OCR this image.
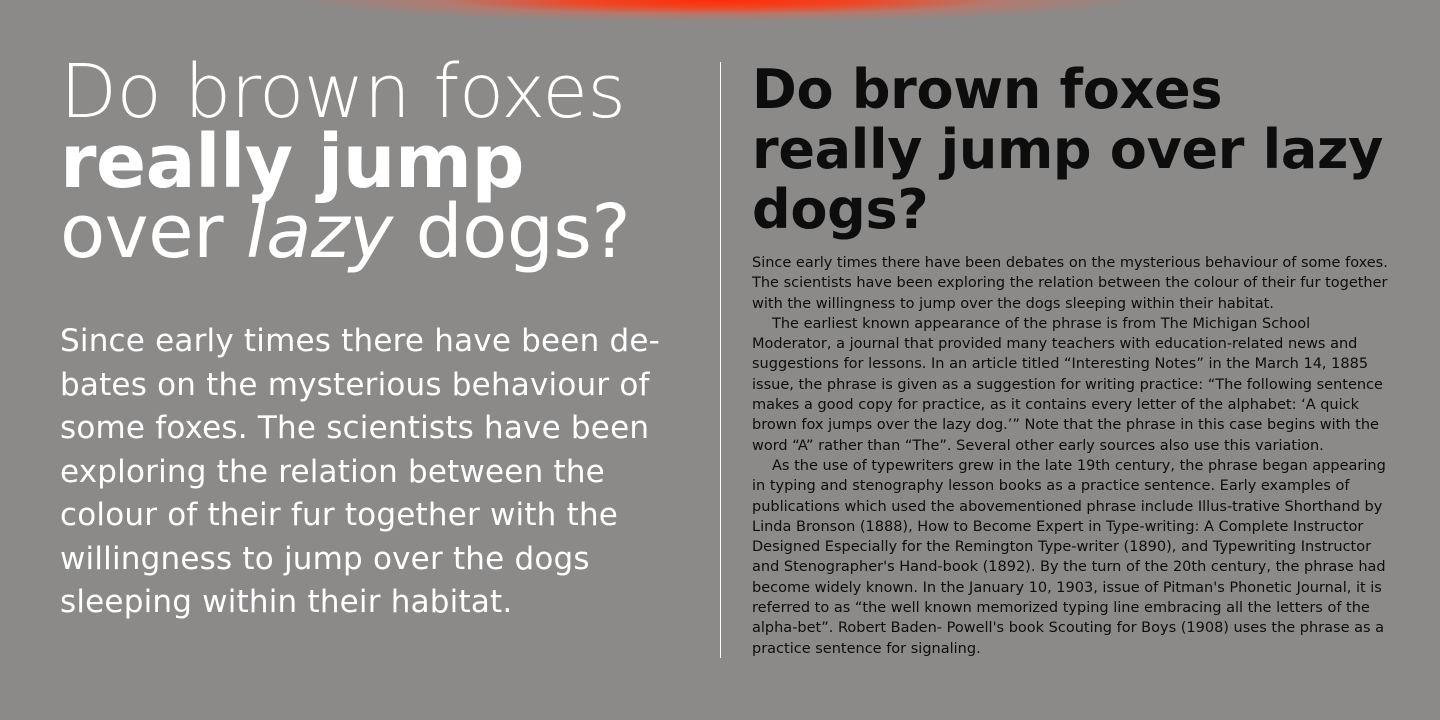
Do brown foxes
really jump
over lazy dogs?

Since early times there have been de-bates on the mysterious behaviour of some foxes. The scientists have been exploring the relation between the colour of their fur together with the willingness to jump over the dogs sleeping within their habitat.

Do brown foxes really jump over lazy dogs?

Since early times there have been debates on the mysterious behaviour of some foxes. The scientists have been exploring the relation between the colour of their fur together with the willingness to jump over the dogs sleeping within their habitat.

The earliest known appearance of the phrase is from The Michigan School Moderator, a journal that provided many teachers with education-related news and suggestions for lessons. In an article titled “Interesting Notes” in the March 14, 1885 issue, the phrase is given as a suggestion for writing practice: “The following sentence makes a good copy for practice, as it contains every letter of the alphabet: ‘A quick brown fox jumps over the lazy dog.’” Note that the phrase in this case begins with the word “A” rather than “The”. Several other early sources also use this variation.

As the use of typewriters grew in the late 19th century, the phrase began appearing in typing and stenography lesson books as a practice sentence. Early examples of publications which used the abovementioned phrase include Illus-trative Shorthand by Linda Bronson (1888), How to Become Expert in Type-writing: A Complete Instructor Designed Especially for the Remington Type-writer (1890), and Typewriting Instructor and Stenographer's Hand-book (1892). By the turn of the 20th century, the phrase had become widely known. In the January 10, 1903, issue of Pitman's Phonetic Journal, it is referred to as “the well known memorized typing line embracing all the letters of the alpha-bet”. Robert Baden- Powell's book Scouting for Boys (1908) uses the phrase as a practice sentence for signaling.
